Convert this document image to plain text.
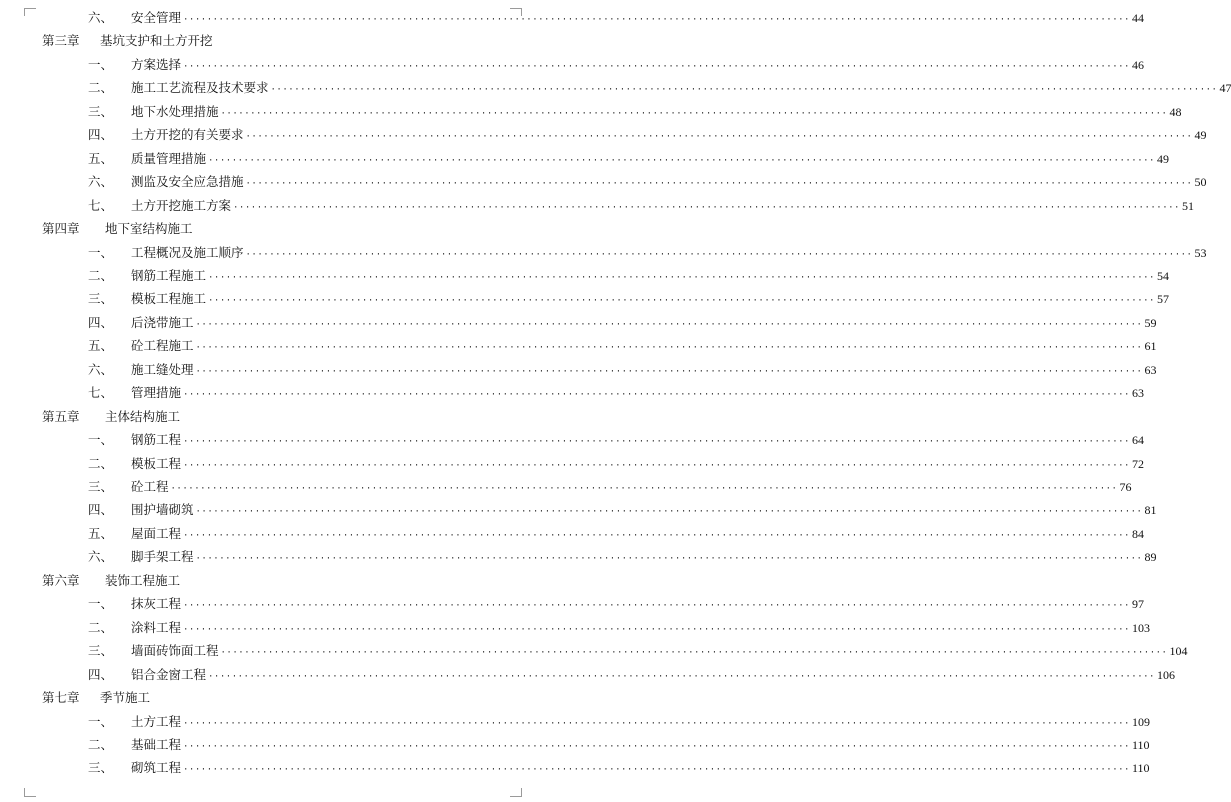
六、 安全管理 ································································································································································ 44
第三章 基坑支护和土方开挖
一、 方案选择 ································································································································································ 46
二、 施工工艺流程及技术要求 ································································································································································ 47
三、 地下水处理措施 ································································································································································ 48
四、 土方开挖的有关要求 ································································································································································ 49
五、 质量管理措施 ································································································································································ 49
六、 测监及安全应急措施 ································································································································································ 50
七、 土方开挖施工方案 ································································································································································ 51
第四章 地下室结构施工
一、 工程概况及施工顺序 ································································································································································ 53
二、 钢筋工程施工 ································································································································································ 54
三、 模板工程施工 ································································································································································ 57
四、 后浇带施工 ································································································································································ 59
五、 砼工程施工 ································································································································································ 61
六、 施工缝处理 ································································································································································ 63
七、 管理措施 ································································································································································ 63
第五章 主体结构施工
一、 钢筋工程 ································································································································································ 64
二、 模板工程 ································································································································································ 72
三、 砼工程 ································································································································································ 76
四、 围护墙砌筑 ································································································································································ 81
五、 屋面工程 ································································································································································ 84
六、 脚手架工程 ································································································································································ 89
第六章 装饰工程施工
一、 抹灰工程 ································································································································································ 97
二、 涂料工程 ································································································································································ 103
三、 墙面砖饰面工程 ································································································································································ 104
四、 铝合金窗工程 ································································································································································ 106
第七章 季节施工
一、 土方工程 ································································································································································ 109
二、 基础工程 ································································································································································ 110
三、 砌筑工程 ································································································································································ 110
